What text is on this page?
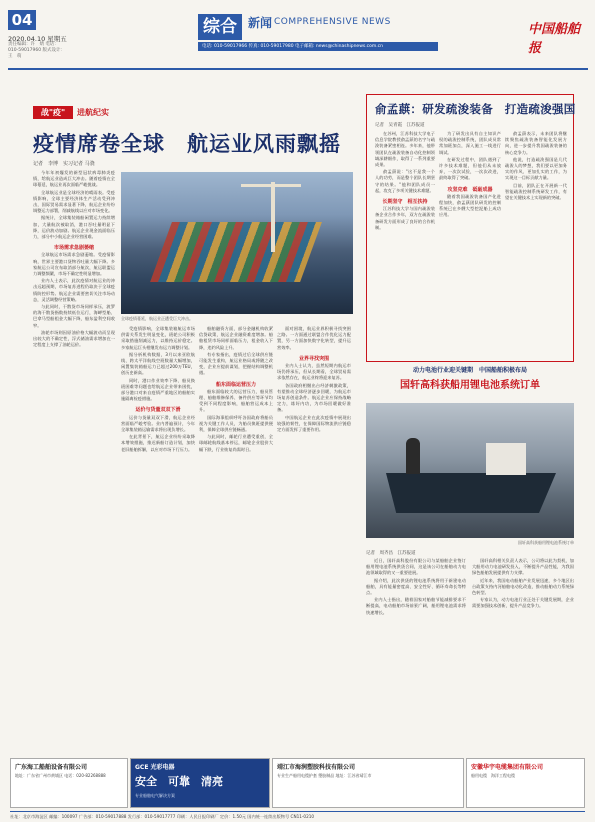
04
2020.04.10 星期五
责任编辑：许　婧 电话：010-59017960 版式设计：王　萌
综合 新闻 COMPREHENSIVE NEWS
电话: 010-59017966 传真: 010-59017980 电子邮箱: news@chinashipnews.com.cn
中国船舶报
战"疫"	进航纪实
疫情席卷全球　航运业风雨飘摇
记者　李博　实习记者 马骁

今年年初爆发的新型冠状病毒肺炎疫情，给航运业造成巨大冲击。随着疫情在全球蔓延，航运业再次面临严峻挑战。

全球航运业是全球经济的晴雨表。受疫情影响，全球主要经济体生产活动受到冲击，国际贸易需求显著下降，航运企业纷纷调整运力部署，削减航线以应对市场变化。

据统计，全球集装箱船闲置运力持续增加，大量航次被取消，港口吞吐量明显下降，运价波动加剧。航运企业现金流面临压力，部分中小航运企业经营困难。

市场需求急剧萎缩

全球航运市场需求急剧萎缩。受疫情影响，世界主要港口货物吞吐量大幅下降。多家航运公司宣布取消部分航次，航运联盟运力调整频繁，市场不确定性明显增加。

业内人士表示，此次疫情对航运业的冲击远超预期，市场复苏进程仍取决于全球疫情防控形势。航运企业需要密切关注市场动态，灵活调整经营策略。

与此同时，干散货市场同样承压，波罗的海干散货指数持续低位运行，海岬型船、巴拿马型船租金大幅下降，船东盈利空间收窄。

油轮市场则因原油价格大幅波动而呈现出较大的不确定性，浮式储油需求增加在一定程度上支撑了油轮运价。

全球疫情蔓延，航运业正遭受巨大冲击。

受疫情影响，全球集装箱航运市场供需关系发生明显变化，班轮公司积极采取措施削减运力，以维持运价稳定。多家航运巨头相继发布运力调整计划。

据分析机构数据，3月以来亚欧航线、跨太平洋航线空班数量大幅增加，闲置集装箱船运力已超过200万TEU，创历史新高。

同时，港口作业效率下降、船员换班困难等问题也给航运企业带来困扰，部分港口对来自疫情严重地区的船舶实施隔离检疫措施。

运价与货量双双下滑

运价与货量双双下滑，航运企业经营面临严峻考验。业内普遍预计，今年全球集装箱运输需求将出现负增长。

在此背景下，航运企业纷纷采取降本增效措施，推迟新船订造计划，加快老旧船舶拆解，以应对市场下行压力。

船舶融资方面，部分金融机构收紧信贷政策，航运企业融资难度增加。船舶租赁市场同样面临压力，租金收入下降，违约风险上升。

有专家指出，疫情过后全球供应链可能发生重构，航运业格局或将随之改变，企业应提前谋划，把握结构调整机遇。

船东面临运营压力

船东面临较大的运营压力，船员管理、船舶维修保养、备件供应等环节均受到不同程度影响，船舶营运成本上升。

国际海事组织呼吁各国政府将船员视为关键工作人员，为船员换班提供便利，保障全球供应链畅通。

与此同时，邮轮行业遭受重创，全球邮轮航线基本停运，邮轮企业股价大幅下跌，行业恢复尚需时日。

面对困境，航运业界积极寻找突围之路。一方面通过联盟合作优化运力配置，另一方面加快数字化转型，提升运营效率。

业界寻找突围

业内人士认为，虽然短期内航运市场仍将承压，但从长期看，全球贸易需求依然存在，航运业终将迎来复苏。

各国政府相继出台经济刺激政策，有望推动全球经济逐步回暖，为航运市场复苏创造条件。航运企业应保持战略定力，练好内功，为市场回暖做好准备。

中国航运企业在此次疫情中展现出较强的韧性，在保障国际物流供应链稳定方面发挥了重要作用。

俞孟蕻：研发疏浚装备　打造疏浚强国
记者　吴青霞　江苏报道

在苏州，江苏科技大学电子信息学院教授俞孟蕻的名字与疏浚装备紧密相连。多年来，他带领团队在疏浚装备自动化控制领域深耕细作，取得了一系列重要成果。

俞孟蕻说："这不是我一个人的功劳，而是整个团队长期坚守的结果。"他和团队成员一起，攻克了多项关键技术难题。

长期坚守　相互扶持

江苏科技大学与国内疏浚装备企业合作多年，双方在疏浚装备研发方面形成了良好的合作机制。

为了研发出具有自主知识产权的疏浚控制系统，团队成员常常加班加点，深入施工一线进行调试。

在研发过程中，团队遇到了许多技术难题，但他们从未放弃，一次次试验，一次次改进，最终取得了突破。

攻坚克难　砥砺成器

随着我国疏浚装备国产化进程加快，俞孟蕻团队研发的控制系统已在多艘大型挖泥船上成功应用。

俞孟蕻表示，未来团队将继续聚焦疏浚装备智能化发展方向，进一步提升我国疏浚装备的核心竞争力。

他说，打造疏浚强国是几代疏浚人的梦想，我们要以更加务实的作风、更加扎实的工作，为实现这一目标贡献力量。

目前，团队正在开展新一代智能疏浚控制系统研发工作，有望在关键技术上实现新的突破。

动力电池行业迎关键期　中国船舶积极布局
国轩高科获船用锂电池系统订单
国轩高科获船用锂电池系统订单
记者　周齐昌　江苏报道

近日，国轩高科股份有限公司与某船舶企业签订船用锂电池系统供货合同，这是该公司在船舶动力电池领域取得的又一重要进展。

据介绍，此次供货的锂电池系统将用于新建电动船舶，具有能量密度高、安全性好、循环寿命长等特点。

业内人士指出，随着国家对船舶节能减排要求不断提高，电动船舶市场前景广阔，船用锂电池需求将快速增长。

国轩高科相关负责人表示，公司将以此为契机，加大船用动力电池研发投入，不断提升产品性能，为我国绿色船舶发展提供有力支撑。

近年来，我国电动船舶产业发展迅速，多个地区出台政策支持内河船舶电动化改造，推动船舶动力系统绿色转型。

专家认为，动力电池行业正处于关键发展期，企业需要加强技术创新，提升产品竞争力。

广东海工船舶设备有限公司
地址：广东省广州市黄埔区 电话：020-82268888
GCE 光彩电器
安全　可靠　清亮
专业船舶电气解决方案
靖江市海润塑胶科技有限公司
专业生产船用电缆护套 塑胶制品 地址：江苏省靖江市
安徽华宇电缆集团有限公司
船用电缆　海洋工程电缆
社址：北京市海淀区 邮编：100097 广告部：010-59017888 发行部：010-59017777 印刷：人民日报印刷厂 定价：1.50元 国内统一连续出版物号 CN11-0210
